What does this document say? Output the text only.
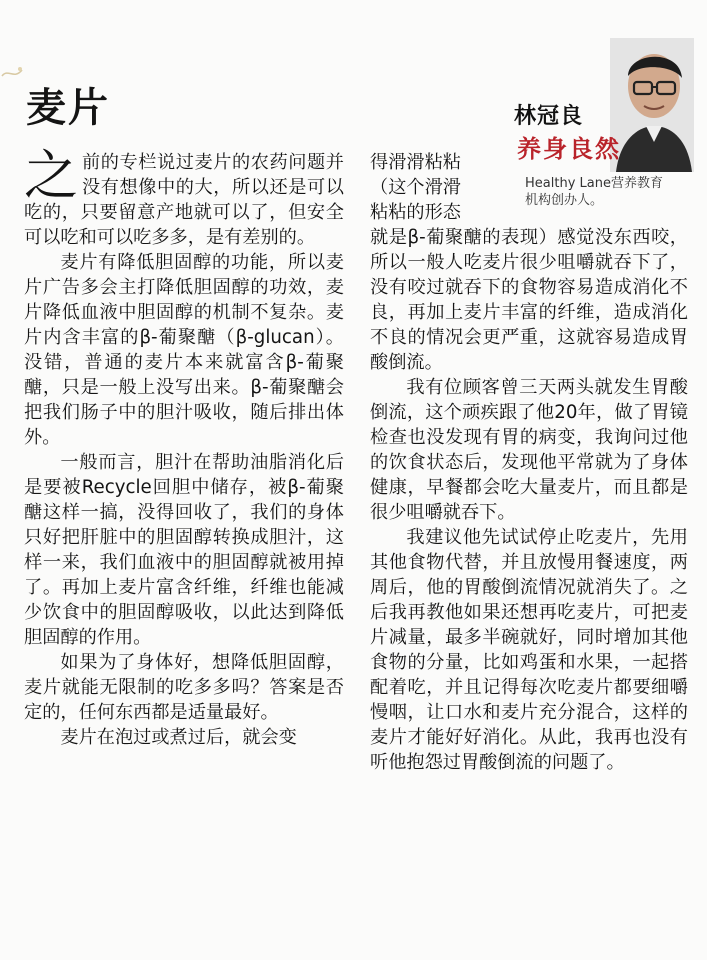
麦片	林冠良
养身良然
Healthy Lane营养教育
机构创办人。

之 前的专栏说过麦片的农药问题并没有想像中的大，所以还是可以吃的，只要留意产地就可以了，但安全可以吃和可以吃多多，是有差别的。

麦片有降低胆固醇的功能，所以麦片广告多会主打降低胆固醇的功效，麦片降低血液中胆固醇的机制不复杂。麦片内含丰富的β-葡聚醣（β-glucan）。没错，普通的麦片本来就富含β-葡聚醣，只是一般上没写出来。β-葡聚醣会把我们肠子中的胆汁吸收，随后排出体外。

一般而言，胆汁在帮助油脂消化后是要被Recycle回胆中储存，被β-葡聚醣这样一搞，没得回收了，我们的身体只好把肝脏中的胆固醇转换成胆汁，这样一来，我们血液中的胆固醇就被用掉了。再加上麦片富含纤维，纤维也能减少饮食中的胆固醇吸收，以此达到降低胆固醇的作用。

如果为了身体好，想降低胆固醇，麦片就能无限制的吃多多吗？答案是否定的，任何东西都是适量最好。

麦片在泡过或煮过后，就会变

得滑滑粘粘

（这个滑滑

粘粘的形态

就是β-葡聚醣的表现）感觉没东西咬，所以一般人吃麦片很少咀嚼就吞下了，没有咬过就吞下的食物容易造成消化不良，再加上麦片丰富的纤维，造成消化不良的情况会更严重，这就容易造成胃酸倒流。

我有位顾客曾三天两头就发生胃酸倒流，这个顽疾跟了他20年，做了胃镜检查也没发现有胃的病变，我询问过他的饮食状态后，发现他平常就为了身体健康，早餐都会吃大量麦片，而且都是很少咀嚼就吞下。

我建议他先试试停止吃麦片，先用其他食物代替，并且放慢用餐速度，两周后，他的胃酸倒流情况就消失了。之后我再教他如果还想再吃麦片，可把麦片减量，最多半碗就好，同时增加其他食物的分量，比如鸡蛋和水果，一起搭配着吃，并且记得每次吃麦片都要细嚼慢咽，让口水和麦片充分混合，这样的麦片才能好好消化。从此，我再也没有听他抱怨过胃酸倒流的问题了。
